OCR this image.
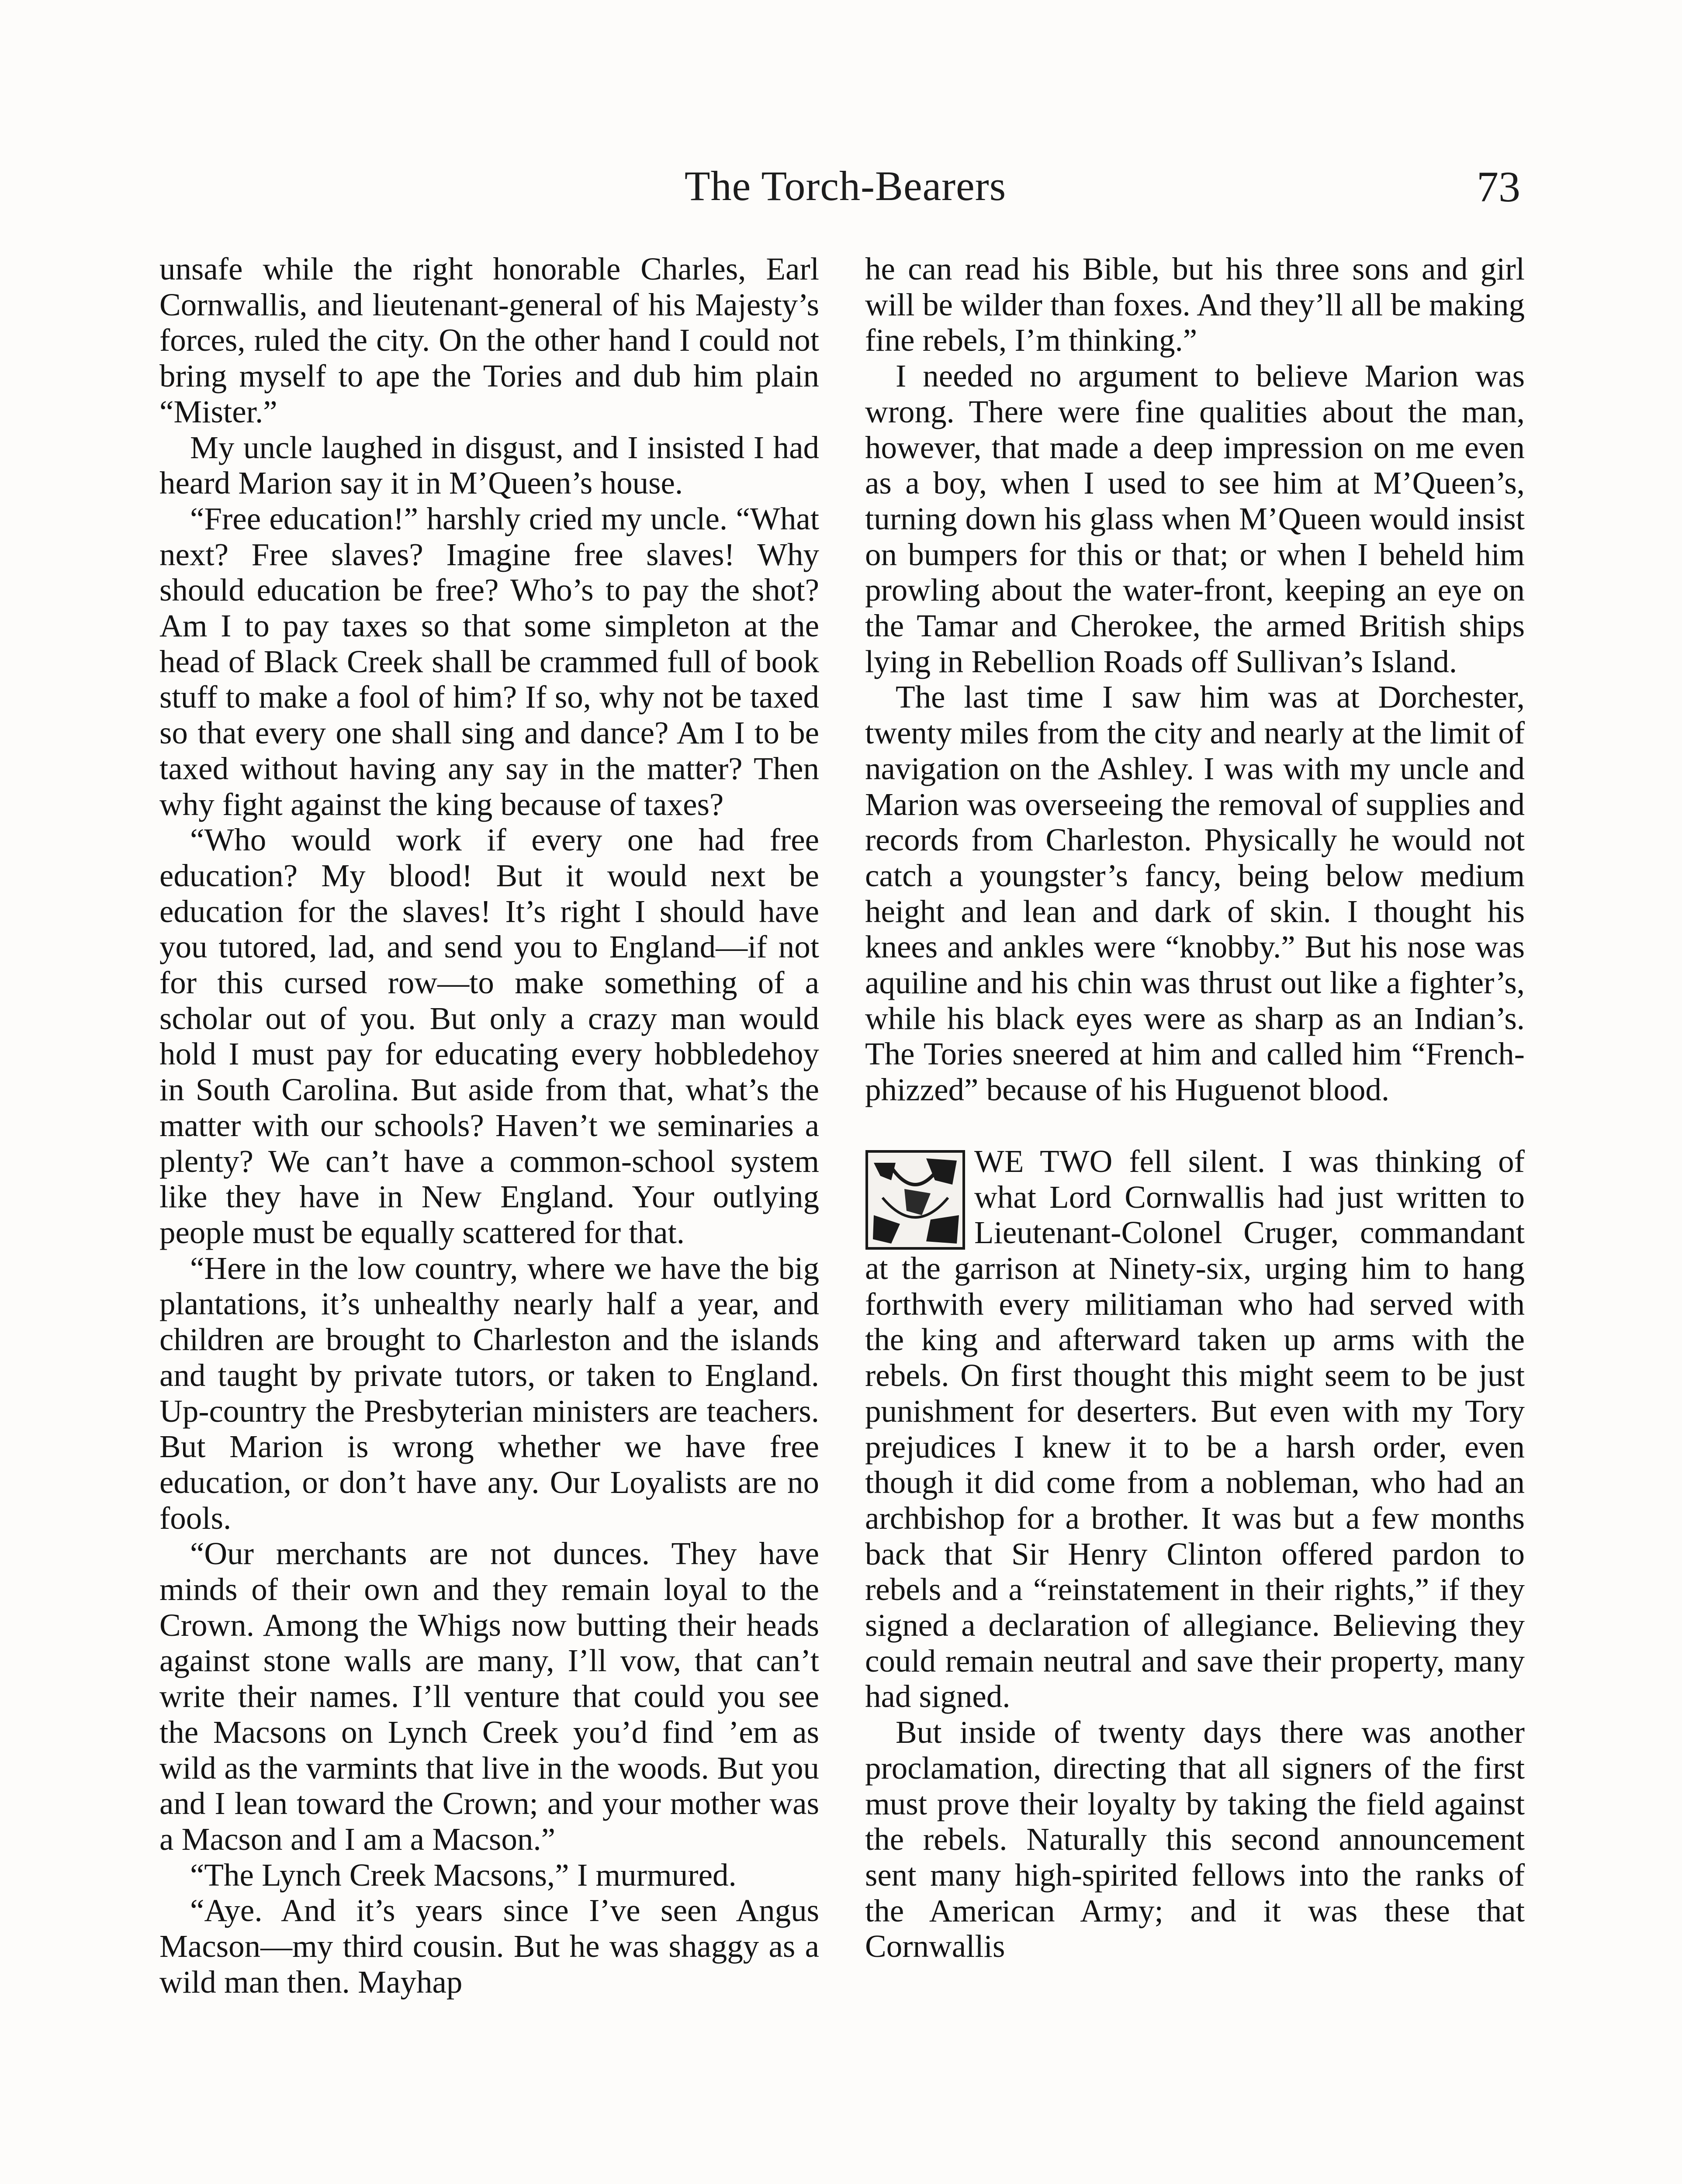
The Torch-Bearers	73

unsafe while the right honorable Charles, Earl Cornwallis, and lieutenant-general of his Majesty’s forces, ruled the city. On the other hand I could not bring myself to ape the Tories and dub him plain “Mister.”

My uncle laughed in disgust, and I insisted I had heard Marion say it in M’Queen’s house.

“Free education!” harshly cried my uncle. “What next? Free slaves? Imagine free slaves! Why should education be free? Who’s to pay the shot? Am I to pay taxes so that some simpleton at the head of Black Creek shall be crammed full of book stuff to make a fool of him? If so, why not be taxed so that every one shall sing and dance? Am I to be taxed without having any say in the matter? Then why fight against the king because of taxes?

“Who would work if every one had free education? My blood! But it would next be education for the slaves! It’s right I should have you tutored, lad, and send you to England—if not for this cursed row—to make something of a scholar out of you. But only a crazy man would hold I must pay for educating every hobbledehoy in South Carolina. But aside from that, what’s the matter with our schools? Haven’t we seminaries a plenty? We can’t have a common-school system like they have in New England. Your outlying people must be equally scattered for that.

“Here in the low country, where we have the big plantations, it’s unhealthy nearly half a year, and children are brought to Charleston and the islands and taught by private tutors, or taken to England. Up-country the Presbyterian ministers are teachers. But Marion is wrong whether we have free education, or don’t have any. Our Loyalists are no fools.

“Our merchants are not dunces. They have minds of their own and they remain loyal to the Crown. Among the Whigs now butting their heads against stone walls are many, I’ll vow, that can’t write their names. I’ll venture that could you see the Macsons on Lynch Creek you’d find ’em as wild as the varmints that live in the woods. But you and I lean toward the Crown; and your mother was a Macson and I am a Macson.”

“The Lynch Creek Macsons,” I murmured.

“Aye. And it’s years since I’ve seen Angus Macson—my third cousin. But he was shaggy as a wild man then. Mayhap

he can read his Bible, but his three sons and girl will be wilder than foxes. And they’ll all be making fine rebels, I’m thinking.”

I needed no argument to believe Marion was wrong. There were fine qualities about the man, however, that made a deep impression on me even as a boy, when I used to see him at M’Queen’s, turning down his glass when M’Queen would insist on bumpers for this or that; or when I beheld him prowling about the water-front, keeping an eye on the Tamar and Cherokee, the armed British ships lying in Rebellion Roads off Sullivan’s Island.

The last time I saw him was at Dorchester, twenty miles from the city and nearly at the limit of navigation on the Ashley. I was with my uncle and Marion was overseeing the removal of supplies and records from Charleston. Physically he would not catch a youngster’s fancy, being below medium height and lean and dark of skin. I thought his knees and ankles were “knobby.” But his nose was aquiline and his chin was thrust out like a fighter’s, while his black eyes were as sharp as an Indian’s. The Tories sneered at him and called him “French-phizzed” because of his Huguenot blood.

WE TWO fell silent. I was thinking of what Lord Cornwallis had just written to Lieutenant-Colonel Cruger, commandant at the garrison at Ninety-six, urging him to hang forthwith every militiaman who had served with the king and afterward taken up arms with the rebels. On first thought this might seem to be just punishment for deserters. But even with my Tory prejudices I knew it to be a harsh order, even though it did come from a nobleman, who had an archbishop for a brother. It was but a few months back that Sir Henry Clinton offered pardon to rebels and a “reinstatement in their rights,” if they signed a declaration of allegiance. Believing they could remain neutral and save their property, many had signed.

But inside of twenty days there was another proclamation, directing that all signers of the first must prove their loyalty by taking the field against the rebels. Naturally this second announcement sent many high-spirited fellows into the ranks of the American Army; and it was these that Cornwallis
